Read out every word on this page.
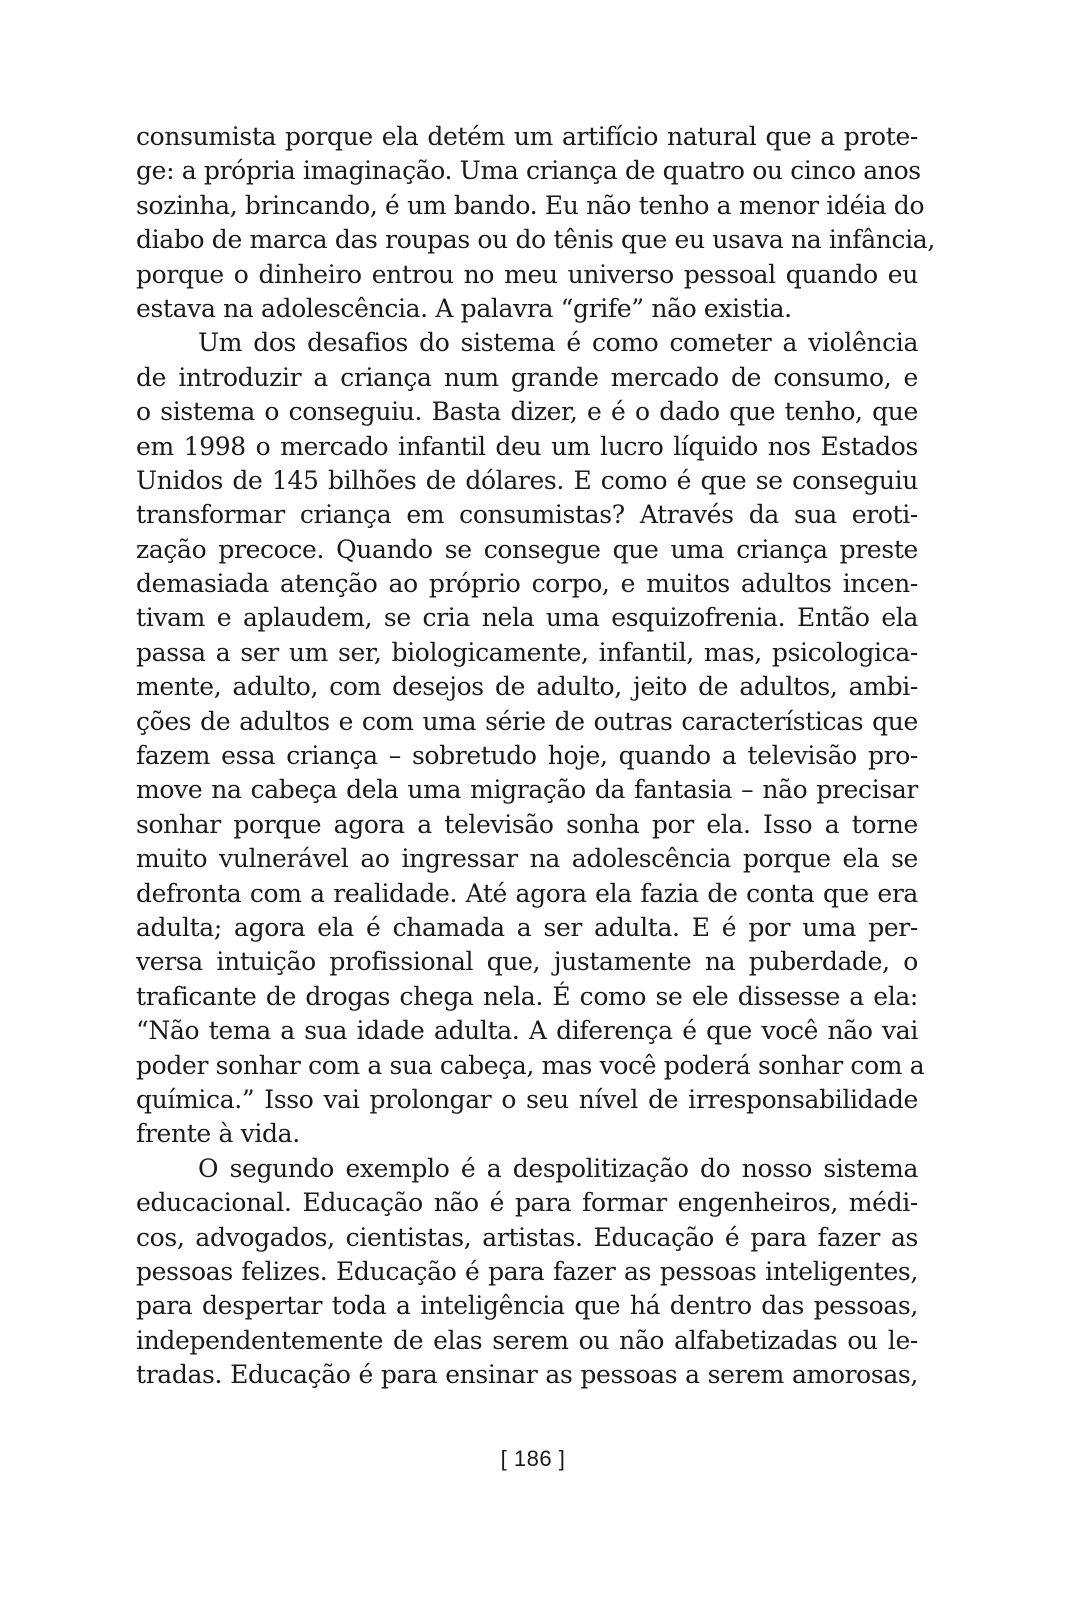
consumista porque ela detém um artifício natural que a prote-
ge: a própria imaginação. Uma criança de quatro ou cinco anos
sozinha, brincando, é um bando. Eu não tenho a menor idéia do
diabo de marca das roupas ou do tênis que eu usava na infância,
porque o dinheiro entrou no meu universo pessoal quando eu
estava na adolescência. A palavra “grife” não existia.
Um dos desafios do sistema é como cometer a violência
de introduzir a criança num grande mercado de consumo, e
o sistema o conseguiu. Basta dizer, e é o dado que tenho, que
em 1998 o mercado infantil deu um lucro líquido nos Estados
Unidos de 145 bilhões de dólares. E como é que se conseguiu
transformar criança em consumistas? Através da sua eroti-
zação precoce. Quando se consegue que uma criança preste
demasiada atenção ao próprio corpo, e muitos adultos incen-
tivam e aplaudem, se cria nela uma esquizofrenia. Então ela
passa a ser um ser, biologicamente, infantil, mas, psicologica-
mente, adulto, com desejos de adulto, jeito de adultos, ambi-
ções de adultos e com uma série de outras características que
fazem essa criança – sobretudo hoje, quando a televisão pro-
move na cabeça dela uma migração da fantasia – não precisar
sonhar porque agora a televisão sonha por ela. Isso a torne
muito vulnerável ao ingressar na adolescência porque ela se
defronta com a realidade. Até agora ela fazia de conta que era
adulta; agora ela é chamada a ser adulta. E é por uma per-
versa intuição profissional que, justamente na puberdade, o
traficante de drogas chega nela. É como se ele dissesse a ela:
“Não tema a sua idade adulta. A diferença é que você não vai
poder sonhar com a sua cabeça, mas você poderá sonhar com a
química.” Isso vai prolongar o seu nível de irresponsabilidade
frente à vida.
O segundo exemplo é a despolitização do nosso sistema
educacional. Educação não é para formar engenheiros, médi-
cos, advogados, cientistas, artistas. Educação é para fazer as
pessoas felizes. Educação é para fazer as pessoas inteligentes,
para despertar toda a inteligência que há dentro das pessoas,
independentemente de elas serem ou não alfabetizadas ou le-
tradas. Educação é para ensinar as pessoas a serem amorosas,
[ 186 ]
